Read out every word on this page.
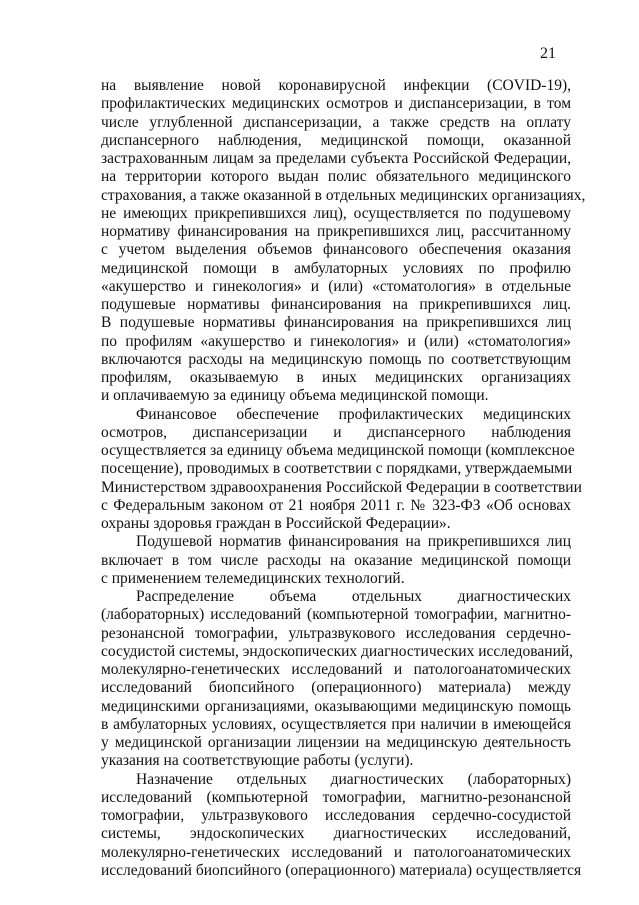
21
на выявление новой коронавирусной инфекции (COVID-19),
профилактических медицинских осмотров и диспансеризации, в том
числе углубленной диспансеризации, а также средств на оплату
диспансерного наблюдения, медицинской помощи, оказанной
застрахованным лицам за пределами субъекта Российской Федерации,
на территории которого выдан полис обязательного медицинского
страхования, а также оказанной в отдельных медицинских организациях,
не имеющих прикрепившихся лиц), осуществляется по подушевому
нормативу финансирования на прикрепившихся лиц, рассчитанному
с учетом выделения объемов финансового обеспечения оказания
медицинской помощи в амбулаторных условиях по профилю
«акушерство и гинекология» и (или) «стоматология» в отдельные
подушевые нормативы финансирования на прикрепившихся лиц.
В подушевые нормативы финансирования на прикрепившихся лиц
по профилям «акушерство и гинекология» и (или) «стоматология»
включаются расходы на медицинскую помощь по соответствующим
профилям, оказываемую в иных медицинских организациях
и оплачиваемую за единицу объема медицинской помощи.
Финансовое обеспечение профилактических медицинских
осмотров, диспансеризации и диспансерного наблюдения
осуществляется за единицу объема медицинской помощи (комплексное
посещение), проводимых в соответствии с порядками, утверждаемыми
Министерством здравоохранения Российской Федерации в соответствии
с Федеральным законом от 21 ноября 2011 г. № 323-ФЗ «Об основах
охраны здоровья граждан в Российской Федерации».
Подушевой норматив финансирования на прикрепившихся лиц
включает в том числе расходы на оказание медицинской помощи
с применением телемедицинских технологий.
Распределение объема отдельных диагностических
(лабораторных) исследований (компьютерной томографии, магнитно-
резонансной томографии, ультразвукового исследования сердечно-
сосудистой системы, эндоскопических диагностических исследований,
молекулярно-генетических исследований и патологоанатомических
исследований биопсийного (операционного) материала) между
медицинскими организациями, оказывающими медицинскую помощь
в амбулаторных условиях, осуществляется при наличии в имеющейся
у медицинской организации лицензии на медицинскую деятельность
указания на соответствующие работы (услуги).
Назначение отдельных диагностических (лабораторных)
исследований (компьютерной томографии, магнитно-резонансной
томографии, ультразвукового исследования сердечно-сосудистой
системы, эндоскопических диагностических исследований,
молекулярно-генетических исследований и патологоанатомических
исследований биопсийного (операционного) материала) осуществляется
